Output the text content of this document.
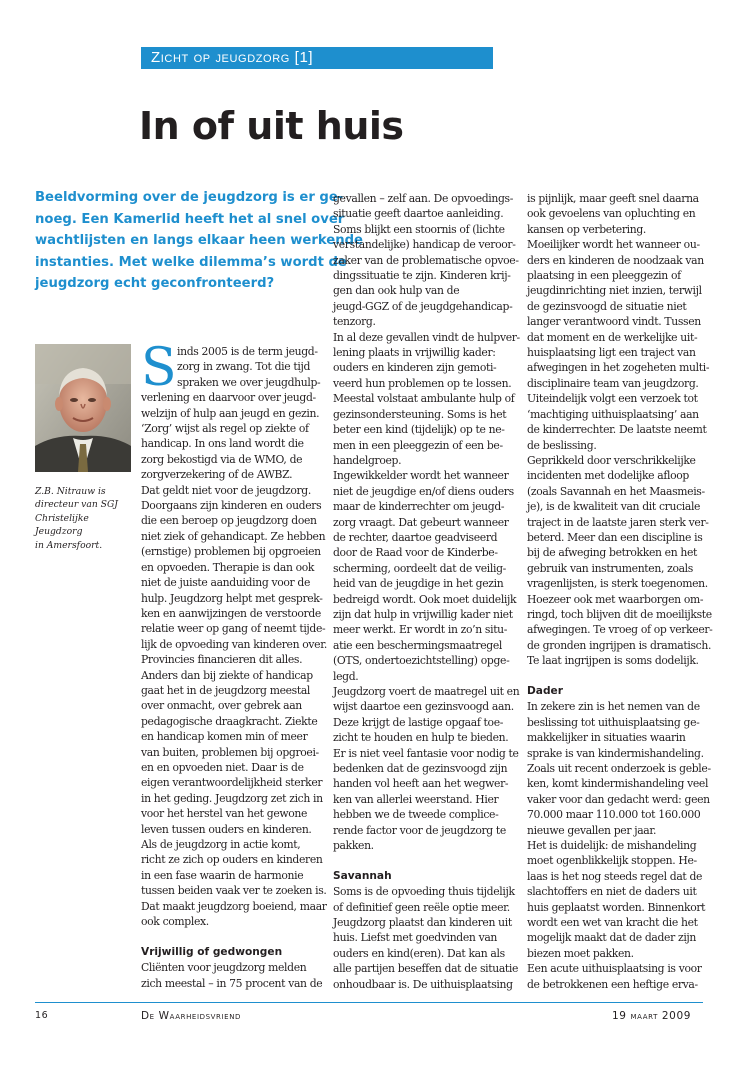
Zicht op jeugdzorg [1]
In of uit huis
Beeldvorming over de jeugdzorg is er ge-
noeg. Een Kamerlid heeft het al snel over
wachtlijsten en langs elkaar heen werkende
instanties. Met welke dilemma’s wordt de
jeugdzorg echt geconfronteerd?
Z.B. Nitrauw is
directeur van SGJ
Christelijke Jeugdzorg
in Amersfoort.
S inds 2005 is de term jeugd-

zorg in zwang. Tot die tijd

spraken we over jeugdhulp-

verlening en daarvoor over jeugd-

welzijn of hulp aan jeugd en gezin.

‘Zorg’ wijst als regel op ziekte of

handicap. In ons land wordt die

zorg bekostigd via de WMO, de

zorgverzekering of de AWBZ.

Dat geldt niet voor de jeugdzorg.

Doorgaans zijn kinderen en ouders

die een beroep op jeugdzorg doen

niet ziek of gehandicapt. Ze hebben

(ernstige) problemen bij opgroeien

en opvoeden. Therapie is dan ook

niet de juiste aanduiding voor de

hulp. Jeugdzorg helpt met gesprek-

ken en aanwijzingen de verstoorde

relatie weer op gang of neemt tijde-

lijk de opvoeding van kinderen over.

Provincies financieren dit alles.

Anders dan bij ziekte of handicap

gaat het in de jeugdzorg meestal

over onmacht, over gebrek aan

pedagogische draagkracht. Ziekte

en handicap komen min of meer

van buiten, problemen bij opgroei-

en en opvoeden niet. Daar is de

eigen verantwoordelijkheid sterker

in het geding. Jeugdzorg zet zich in

voor het herstel van het gewone

leven tussen ouders en kinderen.

Als de jeugdzorg in actie komt,

richt ze zich op ouders en kinderen

in een fase waarin de harmonie

tussen beiden vaak ver te zoeken is.

Dat maakt jeugdzorg boeiend, maar

ook complex.

Vrijwillig of gedwongen

Cliënten voor jeugdzorg melden

zich meestal – in 75 procent van de

gevallen – zelf aan. De opvoedings-

situatie geeft daartoe aanleiding.

Soms blijkt een stoornis of (lichte

verstandelijke) handicap de veroor-

zaker van de problematische opvoe-

dingssituatie te zijn. Kinderen krij-

gen dan ook hulp van de

jeugd-GGZ of de jeugdgehandicap-

tenzorg.

In al deze gevallen vindt de hulpver-

lening plaats in vrijwillig kader:

ouders en kinderen zijn gemoti-

veerd hun problemen op te lossen.

Meestal volstaat ambulante hulp of

gezinsondersteuning. Soms is het

beter een kind (tijdelijk) op te ne-

men in een pleeggezin of een be-

handelgroep.

Ingewikkelder wordt het wanneer

niet de jeugdige en/of diens ouders

maar de kinderrechter om jeugd-

zorg vraagt. Dat gebeurt wanneer

de rechter, daartoe geadviseerd

door de Raad voor de Kinderbe-

scherming, oordeelt dat de veilig-

heid van de jeugdige in het gezin

bedreigd wordt. Ook moet duidelijk

zijn dat hulp in vrijwillig kader niet

meer werkt. Er wordt in zo’n situ-

atie een beschermingsmaatregel

(OTS, ondertoezichtstelling) opge-

legd.

Jeugdzorg voert de maatregel uit en

wijst daartoe een gezinsvoogd aan.

Deze krijgt de lastige opgaaf toe-

zicht te houden en hulp te bieden.

Er is niet veel fantasie voor nodig te

bedenken dat de gezinsvoogd zijn

handen vol heeft aan het wegwer-

ken van allerlei weerstand. Hier

hebben we de tweede complice-

rende factor voor de jeugdzorg te

pakken.

Savannah

Soms is de opvoeding thuis tijdelijk

of definitief geen reële optie meer.

Jeugdzorg plaatst dan kinderen uit

huis. Liefst met goedvinden van

ouders en kind(eren). Dat kan als

alle partijen beseffen dat de situatie

onhoudbaar is. De uithuisplaatsing

is pijnlijk, maar geeft snel daarna

ook gevoelens van opluchting en

kansen op verbetering.

Moeilijker wordt het wanneer ou-

ders en kinderen de noodzaak van

plaatsing in een pleeggezin of

jeugdinrichting niet inzien, terwijl

de gezinsvoogd de situatie niet

langer verantwoord vindt. Tussen

dat moment en de werkelijke uit-

huisplaatsing ligt een traject van

afwegingen in het zogeheten multi-

disciplinaire team van jeugdzorg.

Uiteindelijk volgt een verzoek tot

‘machtiging uithuisplaatsing’ aan

de kinderrechter. De laatste neemt

de beslissing.

Geprikkeld door verschrikkelijke

incidenten met dodelijke afloop

(zoals Savannah en het Maasmeis-

je), is de kwaliteit van dit cruciale

traject in de laatste jaren sterk ver-

beterd. Meer dan een discipline is

bij de afweging betrokken en het

gebruik van instrumenten, zoals

vragenlijsten, is sterk toegenomen.

Hoezeer ook met waarborgen om-

ringd, toch blijven dit de moeilijkste

afwegingen. Te vroeg of op verkeer-

de gronden ingrijpen is dramatisch.

Te laat ingrijpen is soms dodelijk.

Dader

In zekere zin is het nemen van de

beslissing tot uithuisplaatsing ge-

makkelijker in situaties waarin

sprake is van kindermishandeling.

Zoals uit recent onderzoek is geble-

ken, komt kindermishandeling veel

vaker voor dan gedacht werd: geen

70.000 maar 110.000 tot 160.000

nieuwe gevallen per jaar.

Het is duidelijk: de mishandeling

moet ogenblikkelijk stoppen. He-

laas is het nog steeds regel dat de

slachtoffers en niet de daders uit

huis geplaatst worden. Binnenkort

wordt een wet van kracht die het

mogelijk maakt dat de dader zijn

biezen moet pakken.

Een acute uithuisplaatsing is voor

de betrokkenen een heftige erva-

16	De Waarheidsvriend	19 maart 2009
